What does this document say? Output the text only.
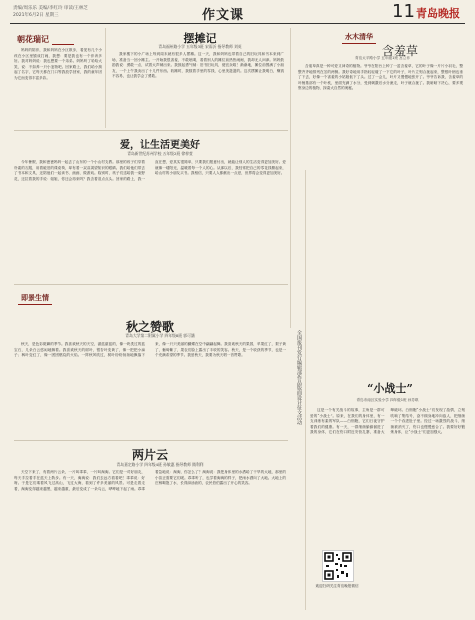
责编/周乐乐 美编/李红玲 审读/王林芝
2021年6月2日 星期三	作文课	11 青岛晚报
朝花瑞记
妈妈的陪伴，我和妈妈在小区散步，看见有几个小孩在小区里嬉戏打闹，我想：要是我也有一个伴该多好。我对妈妈说：我也想要一个弟弟。妈妈听了哈哈大笑，说：不如养一只小宠物吧。回家路上，我们给小狗起了名字，它每天都在门口等我放学回家，我的童年因为它而变得丰富多彩。
摆摊记
青岛福州路小学 五年级3班 宋雨沂 指导教师 刘英
我家楼下的小广场上每到周末就有很多人摆摊。这一天，我和妈妈也带着自己的旧玩具和书本来到广场，准备当一回小摊主。一开始我很害羞，不敢吆喝，看着别人的摊位前热热闹闹，我却无人问津。妈妈鼓励我说：勇敢一点，试着大声喊出来。我鼓起勇气喊：旧书旧玩具，便宜卖啦！渐渐地，摊位前围满了小朋友，一个上午我卖出了十几件东西。收摊时，我数着手里的零钱，心里美滋滋的。这次摆摊让我明白，赚钱不容易，也让我学会了勇敢。
水木清华
含羞草
青岛太平路小学 五年级1班 宫立乔
含羞草真是一种可爱又神奇的植物。爷爷在阳台上种了一盆含羞草，它的叶子像一片片小羽毛，整整齐齐地排列在茎的两侧。我好奇地用手指轻轻碰了一下它的叶子，叶片立刻合拢起来，整根叶柄也垂了下去，好像一个害羞的小姑娘低下了头。过了一会儿，叶片又慢慢地张开了。爷爷告诉我，含羞草的叶柄基部有一个叶枕，里面充满了水分，受到刺激后水分流走，叶子就合拢了。我暗暗下决心，要多观察身边的植物，探索大自然的奥秘。
爱，让生活更美好
青岛新世纪苏州学校 五年级2班 徐梓萱
今年暑假，我和爸爸妈妈一起去了山东的一个小山村支教。那里的孩子们穿着朴素的衣服，用着破旧的课桌椅，却有着一双双渴望知识的眼睛。我们给他们带去了书本和文具，还陪他们一起读书、画画、做游戏。临别时，孩子们送给我一束野花，还拉着我的手说：姐姐，你还会再来吗？我含着泪点点头。回家的路上，我一直在想，爱其实很简单，只要我们愿意付出，就能让别人的生活变得更加美好。爱就像一缕阳光，温暖着每一个人的心。从那以后，我经常把自己的零花钱攒起来，给山村的小朋友买书。我相信，只要人人都献出一点爱，世界将会变得更加美好。
即景生情
秋之赞歌
青岛大学第二附属小学 四年级8班 郭可涵
秋天，是色彩斑斓的季节。我喜欢秋天的天空，湛蓝湛蓝的，像一块洗过的蓝宝石，几朵白云悠闲地飘着。我喜欢秋天的树叶，银杏叶变黄了，像一把把小扇子；枫叶变红了，像一团团燃烧的火焰。一阵秋风吹过，树叶纷纷扬扬地飘落下来，像一只只美丽的蝴蝶在空中翩翩起舞。我喜欢秋天的果园，苹果红了，梨子黄了，葡萄紫了，果农们脸上露出了丰收的笑容。秋天，是一个收获的季节，也是一个充满希望的季节。我爱秋天，我要为秋天唱一首赞歌。
两片云
青岛嘉定路小学 四年级4班 孙敏惠 指导教师 隋利利
天空下来了，有着两片云朵，一片叫乖乖，一片叫淘淘。它们是一对好朋友，每天手拉着手在蓝天上散步。有一天，淘淘说：我们去远方看看吧！乖乖说：好呀。于是它们乘着风飞过高山，飞过大海，看到了许多美丽的风景。可是走着走着，淘淘变得越来越黑，越来越重，最后变成了一朵乌云，哗哗地下起了雨。乖乖着急地说：淘淘，你怎么了？淘淘说：我把身体里的水洒给了干旱的大地，那里的小苗正需要它们呢。乖乖听了，也学着淘淘的样子，把雨水洒向了大地。大地上的庄稼喝饱了水，长得绿油油的，农民伯伯露出了开心的笑容。
全国报刊发行编辑部作品版面设计征文活动	“小战士”
青岛市南区实验小学 四年级1班 孙芳琪
这是一个有关战斗的故事，主角是一群可爱的“小战士”。原来，在我们的身体里，有一支训练有素的军队——白细胞，它们日夜守护着我们的健康。有一天，一群细菌偷偷溜进了我的身体，它们在伤口附近安营扎寨，准备大肆破坏。白细胞“小战士”们发现了敌情，立刻吹响了集结号，奋不顾身地冲向敌人，把细菌一个个吞进肚子里。经过一场激烈的战斗，细菌被消灭了，伤口也慢慢愈合了。我要好好锻炼身体，让“小战士”们更加强大。
欢迎扫码关注青岛晚报微信
